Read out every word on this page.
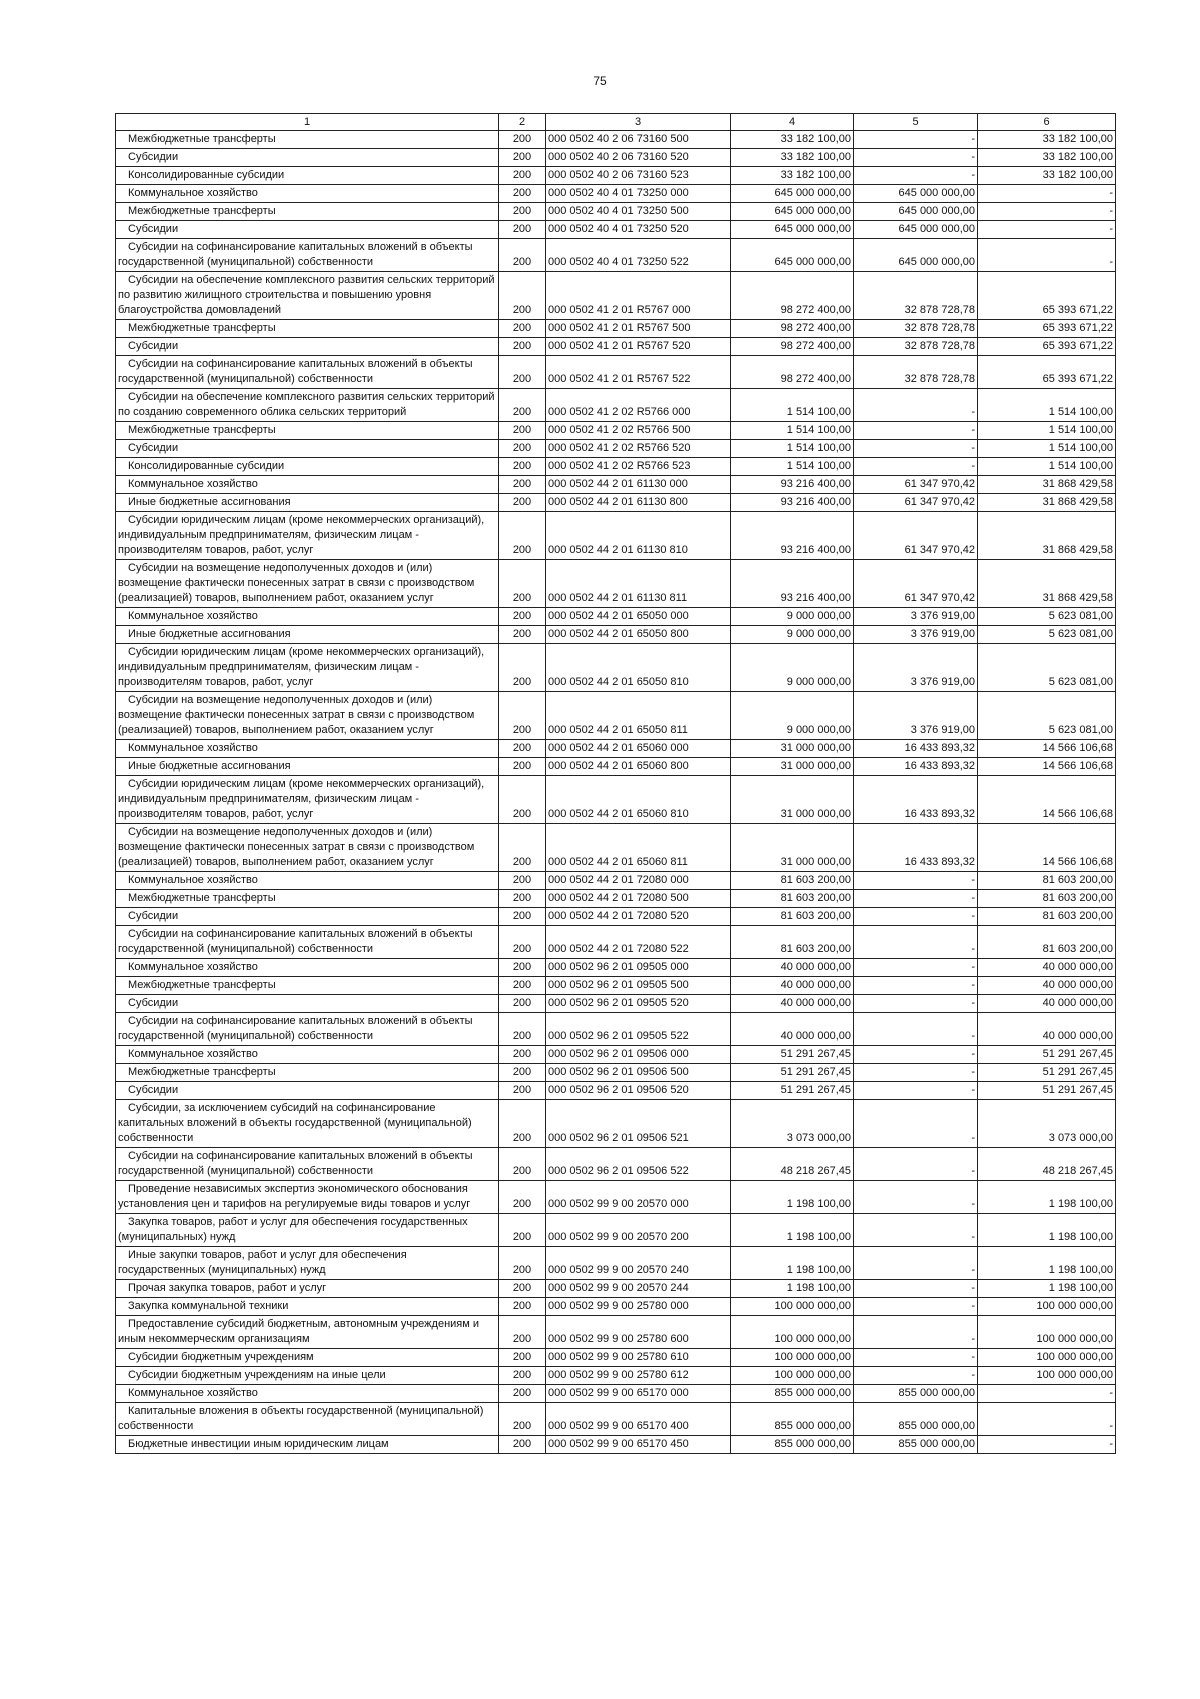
75
1	2	3	4	5	6

Межбюджетные трансферты	200	000 0502 40 2 06 73160 500	33 182 100,00	-	33 182 100,00

Субсидии	200	000 0502 40 2 06 73160 520	33 182 100,00	-	33 182 100,00

Консолидированные субсидии	200	000 0502 40 2 06 73160 523	33 182 100,00	-	33 182 100,00

Коммунальное хозяйство	200	000 0502 40 4 01 73250 000	645 000 000,00	645 000 000,00	-

Межбюджетные трансферты	200	000 0502 40 4 01 73250 500	645 000 000,00	645 000 000,00	-

Субсидии	200	000 0502 40 4 01 73250 520	645 000 000,00	645 000 000,00	-

Субсидии на софинансирование капитальных вложений в объекты государственной (муниципальной) собственности	200	000 0502 40 4 01 73250 522	645 000 000,00	645 000 000,00	-

Субсидии на обеспечение комплексного развития сельских территорий по развитию жилищного строительства и повышению уровня благоустройства домовладений	200	000 0502 41 2 01 R5767 000	98 272 400,00	32 878 728,78	65 393 671,22

Межбюджетные трансферты	200	000 0502 41 2 01 R5767 500	98 272 400,00	32 878 728,78	65 393 671,22

Субсидии	200	000 0502 41 2 01 R5767 520	98 272 400,00	32 878 728,78	65 393 671,22

Субсидии на софинансирование капитальных вложений в объекты государственной (муниципальной) собственности	200	000 0502 41 2 01 R5767 522	98 272 400,00	32 878 728,78	65 393 671,22

Субсидии на обеспечение комплексного развития сельских территорий по созданию современного облика сельских территорий	200	000 0502 41 2 02 R5766 000	1 514 100,00	-	1 514 100,00

Межбюджетные трансферты	200	000 0502 41 2 02 R5766 500	1 514 100,00	-	1 514 100,00

Субсидии	200	000 0502 41 2 02 R5766 520	1 514 100,00	-	1 514 100,00

Консолидированные субсидии	200	000 0502 41 2 02 R5766 523	1 514 100,00	-	1 514 100,00

Коммунальное хозяйство	200	000 0502 44 2 01 61130 000	93 216 400,00	61 347 970,42	31 868 429,58

Иные бюджетные ассигнования	200	000 0502 44 2 01 61130 800	93 216 400,00	61 347 970,42	31 868 429,58

Субсидии юридическим лицам (кроме некоммерческих организаций), индивидуальным предпринимателям, физическим лицам - производителям товаров, работ, услуг	200	000 0502 44 2 01 61130 810	93 216 400,00	61 347 970,42	31 868 429,58

Субсидии на возмещение недополученных доходов и (или) возмещение фактически понесенных затрат в связи с производством (реализацией) товаров, выполнением работ, оказанием услуг	200	000 0502 44 2 01 61130 811	93 216 400,00	61 347 970,42	31 868 429,58

Коммунальное хозяйство	200	000 0502 44 2 01 65050 000	9 000 000,00	3 376 919,00	5 623 081,00

Иные бюджетные ассигнования	200	000 0502 44 2 01 65050 800	9 000 000,00	3 376 919,00	5 623 081,00

Субсидии юридическим лицам (кроме некоммерческих организаций), индивидуальным предпринимателям, физическим лицам - производителям товаров, работ, услуг	200	000 0502 44 2 01 65050 810	9 000 000,00	3 376 919,00	5 623 081,00

Субсидии на возмещение недополученных доходов и (или) возмещение фактически понесенных затрат в связи с производством (реализацией) товаров, выполнением работ, оказанием услуг	200	000 0502 44 2 01 65050 811	9 000 000,00	3 376 919,00	5 623 081,00

Коммунальное хозяйство	200	000 0502 44 2 01 65060 000	31 000 000,00	16 433 893,32	14 566 106,68

Иные бюджетные ассигнования	200	000 0502 44 2 01 65060 800	31 000 000,00	16 433 893,32	14 566 106,68

Субсидии юридическим лицам (кроме некоммерческих организаций), индивидуальным предпринимателям, физическим лицам - производителям товаров, работ, услуг	200	000 0502 44 2 01 65060 810	31 000 000,00	16 433 893,32	14 566 106,68

Субсидии на возмещение недополученных доходов и (или) возмещение фактически понесенных затрат в связи с производством (реализацией) товаров, выполнением работ, оказанием услуг	200	000 0502 44 2 01 65060 811	31 000 000,00	16 433 893,32	14 566 106,68

Коммунальное хозяйство	200	000 0502 44 2 01 72080 000	81 603 200,00	-	81 603 200,00

Межбюджетные трансферты	200	000 0502 44 2 01 72080 500	81 603 200,00	-	81 603 200,00

Субсидии	200	000 0502 44 2 01 72080 520	81 603 200,00	-	81 603 200,00

Субсидии на софинансирование капитальных вложений в объекты государственной (муниципальной) собственности	200	000 0502 44 2 01 72080 522	81 603 200,00	-	81 603 200,00

Коммунальное хозяйство	200	000 0502 96 2 01 09505 000	40 000 000,00	-	40 000 000,00

Межбюджетные трансферты	200	000 0502 96 2 01 09505 500	40 000 000,00	-	40 000 000,00

Субсидии	200	000 0502 96 2 01 09505 520	40 000 000,00	-	40 000 000,00

Субсидии на софинансирование капитальных вложений в объекты государственной (муниципальной) собственности	200	000 0502 96 2 01 09505 522	40 000 000,00	-	40 000 000,00

Коммунальное хозяйство	200	000 0502 96 2 01 09506 000	51 291 267,45	-	51 291 267,45

Межбюджетные трансферты	200	000 0502 96 2 01 09506 500	51 291 267,45	-	51 291 267,45

Субсидии	200	000 0502 96 2 01 09506 520	51 291 267,45	-	51 291 267,45

Субсидии, за исключением субсидий на софинансирование капитальных вложений в объекты государственной (муниципальной) собственности	200	000 0502 96 2 01 09506 521	3 073 000,00	-	3 073 000,00

Субсидии на софинансирование капитальных вложений в объекты государственной (муниципальной) собственности	200	000 0502 96 2 01 09506 522	48 218 267,45	-	48 218 267,45

Проведение независимых экспертиз экономического обоснования установления цен и тарифов на регулируемые виды товаров и услуг	200	000 0502 99 9 00 20570 000	1 198 100,00	-	1 198 100,00

Закупка товаров, работ и услуг для обеспечения государственных (муниципальных) нужд	200	000 0502 99 9 00 20570 200	1 198 100,00	-	1 198 100,00

Иные закупки товаров, работ и услуг для обеспечения государственных (муниципальных) нужд	200	000 0502 99 9 00 20570 240	1 198 100,00	-	1 198 100,00

Прочая закупка товаров, работ и услуг	200	000 0502 99 9 00 20570 244	1 198 100,00	-	1 198 100,00

Закупка коммунальной техники	200	000 0502 99 9 00 25780 000	100 000 000,00	-	100 000 000,00

Предоставление субсидий бюджетным, автономным учреждениям и иным некоммерческим организациям	200	000 0502 99 9 00 25780 600	100 000 000,00	-	100 000 000,00

Субсидии бюджетным учреждениям	200	000 0502 99 9 00 25780 610	100 000 000,00	-	100 000 000,00

Субсидии бюджетным учреждениям на иные цели	200	000 0502 99 9 00 25780 612	100 000 000,00	-	100 000 000,00

Коммунальное хозяйство	200	000 0502 99 9 00 65170 000	855 000 000,00	855 000 000,00	-

Капитальные вложения в объекты государственной (муниципальной) собственности	200	000 0502 99 9 00 65170 400	855 000 000,00	855 000 000,00	-

Бюджетные инвестиции иным юридическим лицам	200	000 0502 99 9 00 65170 450	855 000 000,00	855 000 000,00	-
